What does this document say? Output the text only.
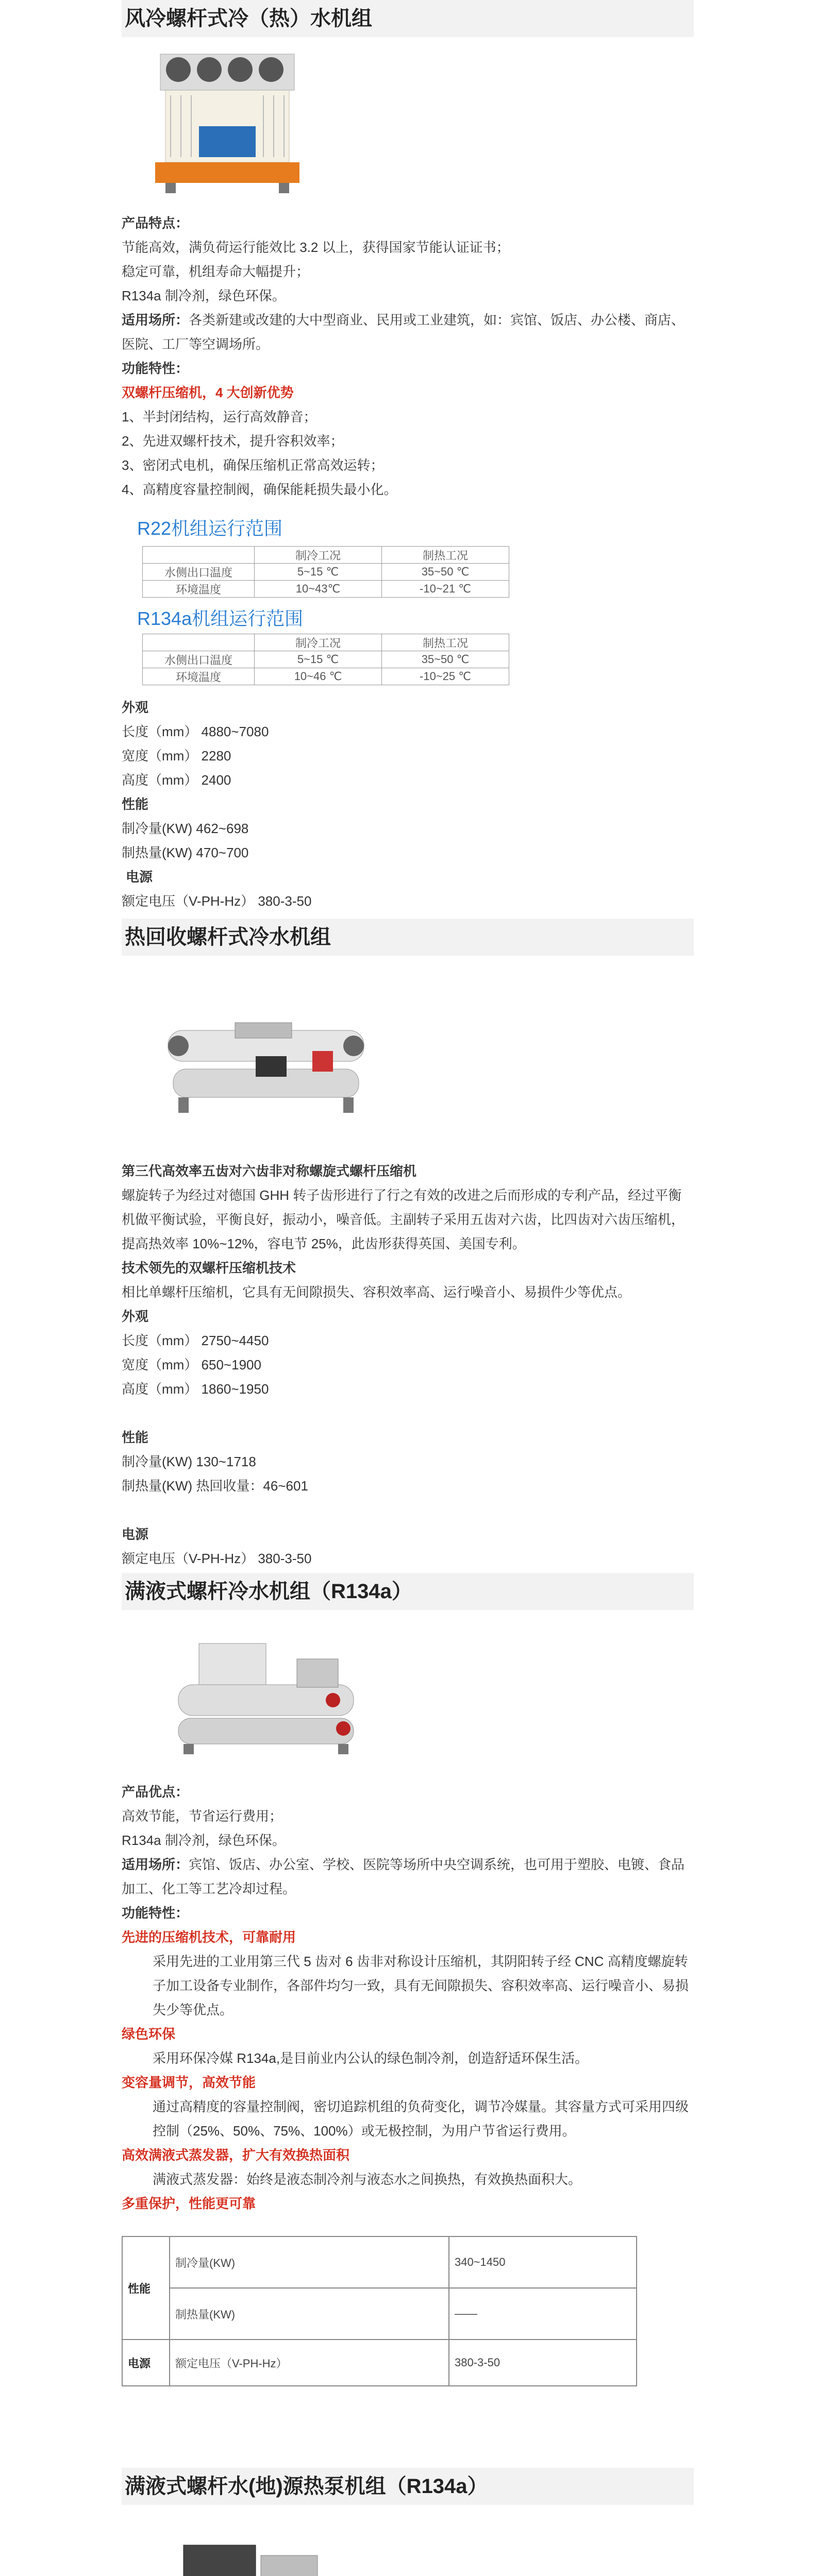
风冷螺杆式冷（热）水机组

产品特点：

节能高效，满负荷运行能效比 3.2 以上，获得国家节能认证证书；

稳定可靠，机组寿命大幅提升；

R134a 制冷剂，绿色环保。

适用场所：各类新建或改建的大中型商业、民用或工业建筑，如：宾馆、饭店、办公楼、商店、医院、工厂等空调场所。

功能特性：

双螺杆压缩机，4 大创新优势

1、半封闭结构，运行高效静音；

2、先进双螺杆技术，提升容积效率；

3、密闭式电机，确保压缩机正常高效运转；

4、高精度容量控制阀，确保能耗损失最小化。

R22机组运行范围

	制冷工况	制热工况
水侧出口温度	5~15 ℃	35~50 ℃
环境温度	10~43℃	-10~21 ℃

R134a机组运行范围

	制冷工况	制热工况
水侧出口温度	5~15 ℃	35~50 ℃
环境温度	10~46 ℃	-10~25 ℃

外观

长度（mm） 4880~7080

宽度（mm） 2280

高度（mm） 2400

性能

制冷量(KW) 462~698

制热量(KW) 470~700

电源

额定电压（V-PH-Hz） 380-3-50

热回收螺杆式冷水机组

第三代高效率五齿对六齿非对称螺旋式螺杆压缩机

螺旋转子为经过对德国 GHH 转子齿形进行了行之有效的改进之后而形成的专利产品，经过平衡机做平衡试验，平衡良好，振动小，噪音低。主副转子采用五齿对六齿，比四齿对六齿压缩机，提高热效率 10%~12%，容电节 25%，此齿形获得英国、美国专利。

技术领先的双螺杆压缩机技术

相比单螺杆压缩机，它具有无间隙损失、容积效率高、运行噪音小、易损件少等优点。

外观

长度（mm） 2750~4450

宽度（mm） 650~1900

高度（mm） 1860~1950

性能

制冷量(KW) 130~1718

制热量(KW) 热回收量：46~601

电源

额定电压（V-PH-Hz） 380-3-50

满液式螺杆冷水机组（R134a）

产品优点：

高效节能，节省运行费用；

R134a 制冷剂，绿色环保。

适用场所：宾馆、饭店、办公室、学校、医院等场所中央空调系统，也可用于塑胶、电镀、食品加工、化工等工艺冷却过程。

功能特性：

先进的压缩机技术，可靠耐用

采用先进的工业用第三代 5 齿对 6 齿非对称设计压缩机，其阴阳转子经 CNC 高精度螺旋转子加工设备专业制作，各部件均匀一致，具有无间隙损失、容积效率高、运行噪音小、易损失少等优点。

绿色环保

采用环保冷媒 R134a,是目前业内公认的绿色制冷剂，创造舒适环保生活。

变容量调节，高效节能

通过高精度的容量控制阀，密切追踪机组的负荷变化，调节冷媒量。其容量方式可采用四级控制（25%、50%、75%、100%）或无极控制，为用户节省运行费用。

高效满液式蒸发器，扩大有效换热面积

满液式蒸发器：始终是液态制冷剂与液态水之间换热，有效换热面积大。

多重保护，性能更可靠

性能	制冷量(KW)	340~1450
	制热量(KW)	——
电源	额定电压（V-PH-Hz）	380-3-50
满液式螺杆水(地)源热泵机组（R134a）
